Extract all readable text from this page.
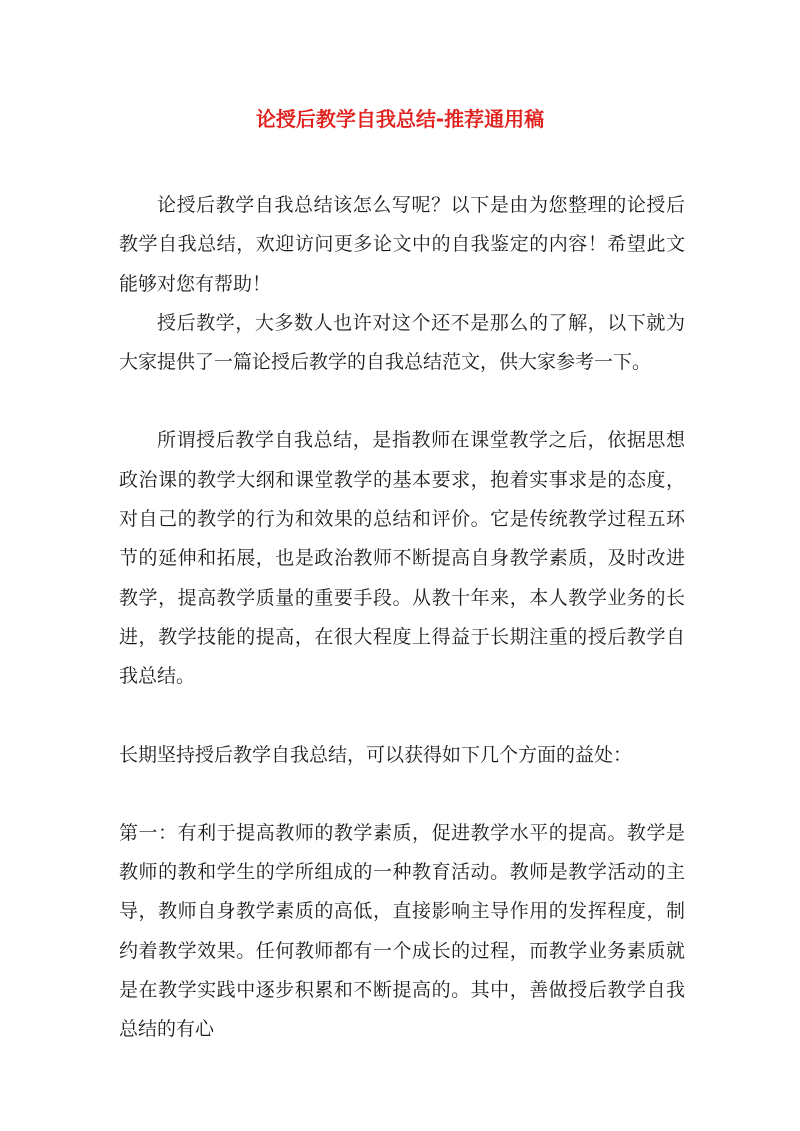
论授后教学自我总结-推荐通用稿

论授后教学自我总结该怎么写呢？以下是由为您整理的论授后教学自我总结，欢迎访问更多论文中的自我鉴定的内容！希望此文能够对您有帮助！

授后教学，大多数人也许对这个还不是那么的了解，以下就为大家提供了一篇论授后教学的自我总结范文，供大家参考一下。

所谓授后教学自我总结，是指教师在课堂教学之后，依据思想政治课的教学大纲和课堂教学的基本要求，抱着实事求是的态度，对自己的教学的行为和效果的总结和评价。它是传统教学过程五环节的延伸和拓展，也是政治教师不断提高自身教学素质，及时改进教学，提高教学质量的重要手段。从教十年来，本人教学业务的长进，教学技能的提高，在很大程度上得益于长期注重的授后教学自我总结。

长期坚持授后教学自我总结，可以获得如下几个方面的益处：

第一：有利于提高教师的教学素质，促进教学水平的提高。教学是教师的教和学生的学所组成的一种教育活动。教师是教学活动的主导，教师自身教学素质的高低，直接影响主导作用的发挥程度，制约着教学效果。任何教师都有一个成长的过程，而教学业务素质就是在教学实践中逐步积累和不断提高的。其中，善做授后教学自我总结的有心
